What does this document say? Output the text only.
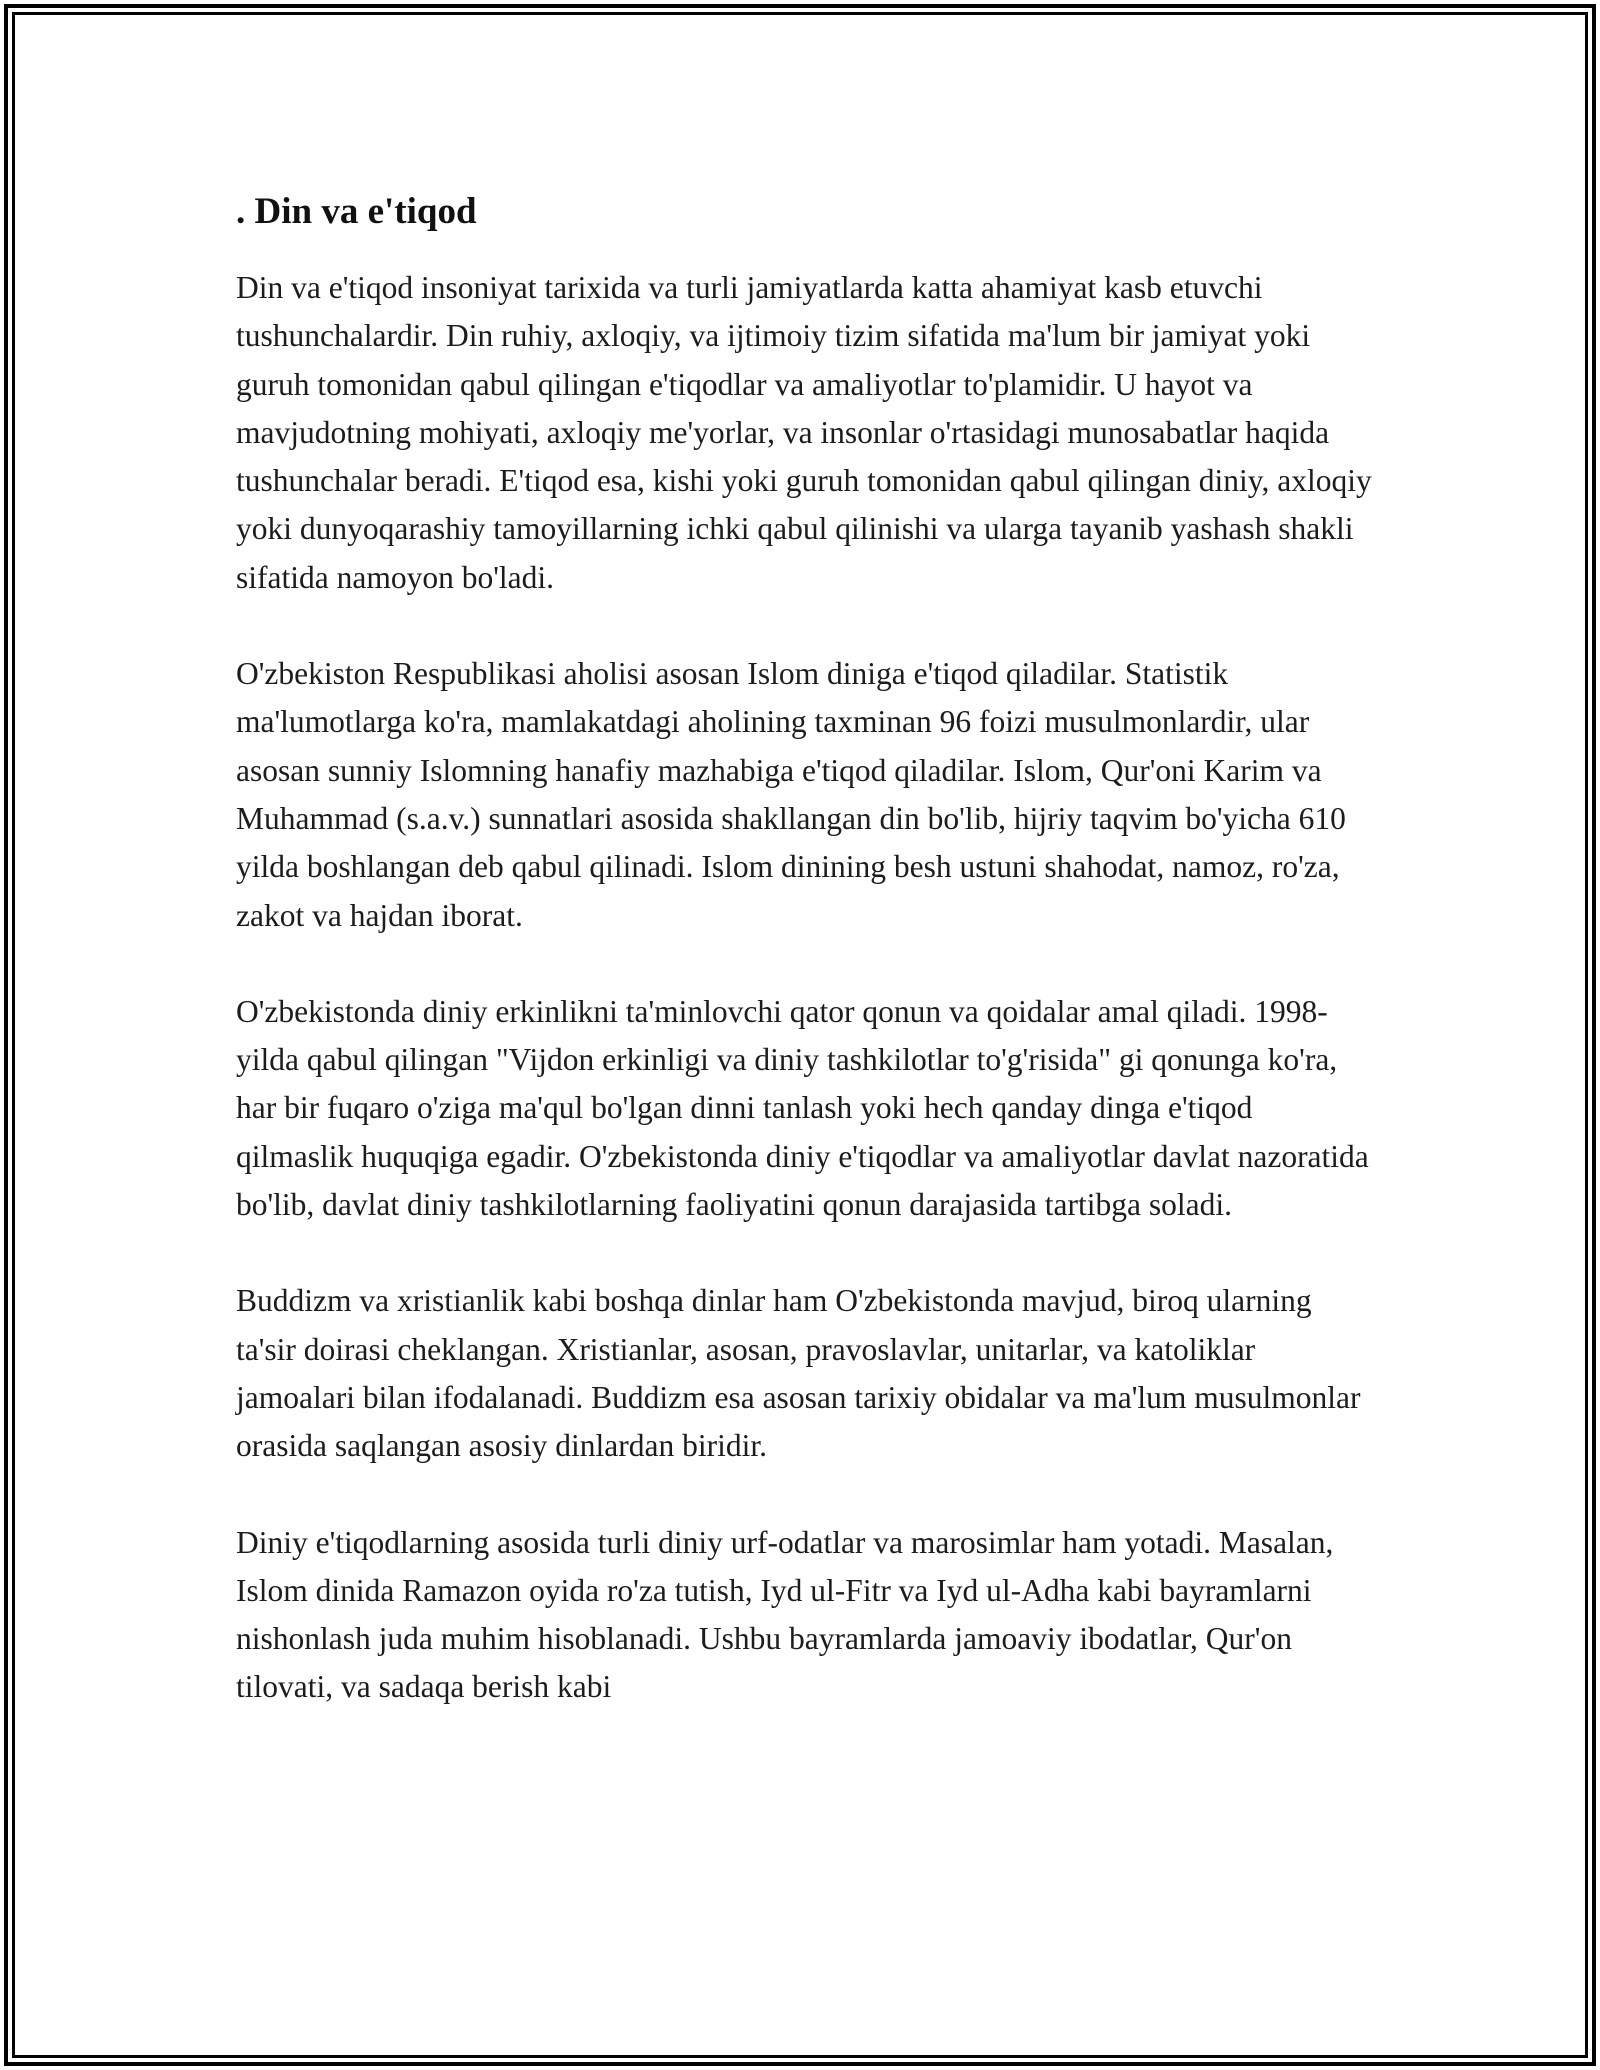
. Din va e'tiqod

Din va e'tiqod insoniyat tarixida va turli jamiyatlarda katta ahamiyat kasb etuvchi tushunchalardir. Din ruhiy, axloqiy, va ijtimoiy tizim sifatida ma'lum bir jamiyat yoki guruh tomonidan qabul qilingan e'tiqodlar va amaliyotlar to'plamidir. U hayot va mavjudotning mohiyati, axloqiy me'yorlar, va insonlar o'rtasidagi munosabatlar haqida tushunchalar beradi. E'tiqod esa, kishi yoki guruh tomonidan qabul qilingan diniy, axloqiy yoki dunyoqarashiy tamoyillarning ichki qabul qilinishi va ularga tayanib yashash shakli sifatida namoyon bo'ladi.

O'zbekiston Respublikasi aholisi asosan Islom diniga e'tiqod qiladilar. Statistik ma'lumotlarga ko'ra, mamlakatdagi aholining taxminan 96 foizi musulmonlardir, ular asosan sunniy Islomning hanafiy mazhabiga e'tiqod qiladilar. Islom, Qur'oni Karim va Muhammad (s.a.v.) sunnatlari asosida shakllangan din bo'lib, hijriy taqvim bo'yicha 610 yilda boshlangan deb qabul qilinadi. Islom dinining besh ustuni shahodat, namoz, ro'za, zakot va hajdan iborat.

O'zbekistonda diniy erkinlikni ta'minlovchi qator qonun va qoidalar amal qiladi. 1998-yilda qabul qilingan "Vijdon erkinligi va diniy tashkilotlar to'g'risida" gi qonunga ko'ra, har bir fuqaro o'ziga ma'qul bo'lgan dinni tanlash yoki hech qanday dinga e'tiqod qilmaslik huquqiga egadir. O'zbekistonda diniy e'tiqodlar va amaliyotlar davlat nazoratida bo'lib, davlat diniy tashkilotlarning faoliyatini qonun darajasida tartibga soladi.

Buddizm va xristianlik kabi boshqa dinlar ham O'zbekistonda mavjud, biroq ularning ta'sir doirasi cheklangan. Xristianlar, asosan, pravoslavlar, unitarlar, va katoliklar jamoalari bilan ifodalanadi. Buddizm esa asosan tarixiy obidalar va ma'lum musulmonlar orasida saqlangan asosiy dinlardan biridir.

Diniy e'tiqodlarning asosida turli diniy urf-odatlar va marosimlar ham yotadi. Masalan, Islom dinida Ramazon oyida ro'za tutish, Iyd ul-Fitr va Iyd ul-Adha kabi bayramlarni nishonlash juda muhim hisoblanadi. Ushbu bayramlarda jamoaviy ibodatlar, Qur'on tilovati, va sadaqa berish kabi
